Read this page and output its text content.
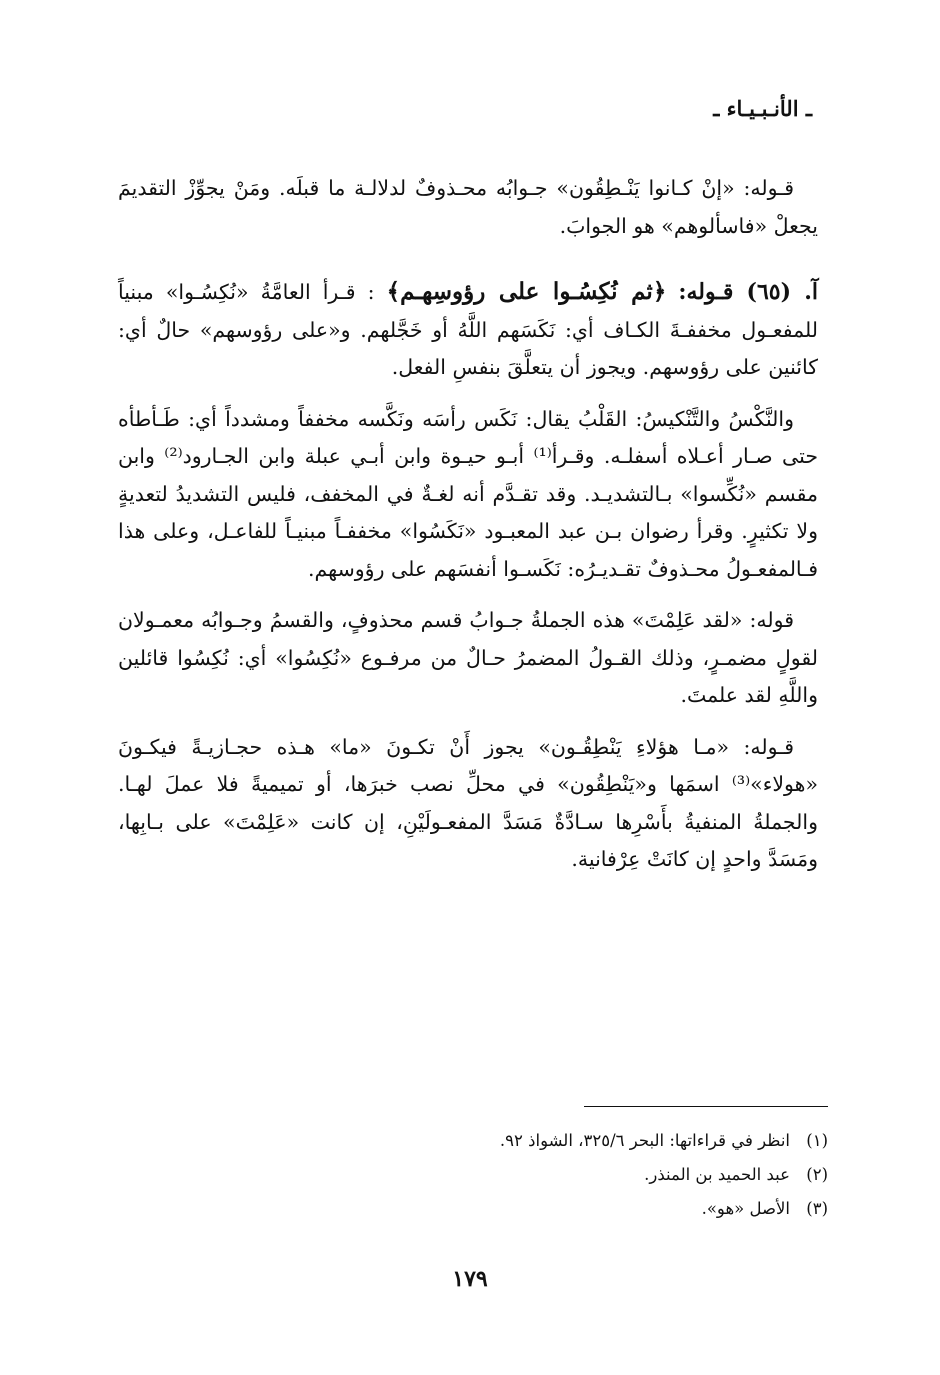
ـ الأنـبـيـاء ـ

قـوله: «إنْ كـانوا يَنْـطِقُون» جـوابُه محـذوفٌ لدلالـة ما قبلَه. ومَنْ يجوِّزْ التقديمَ يجعلْ «فاسألوهم» هو الجوابَ.

آ. (٦٥) قـوله: ﴿ثم نُكِسُـوا على رؤوسِهـم﴾ : قـرأ العامَّةُ «نُكِسُـوا» مبنياً للمفعـول مخففـةَ الكـاف أي: نَكَسَهم اللَّهُ أو خَجَّلهم. و«على رؤوسهم» حالٌ أي: كائنين على رؤوسهم. ويجوز أن يتعلَّقَ بنفسِ الفعل.

والنَّكْسُ والتَّنْكيسُ: القَلْبُ يقال: نَكَس رأسَه ونَكَّسه مخففاً ومشدداً أي: طَـأطأه حتى صـار أعـلاه أسفلـه. وقـرأ⁽¹⁾ أبـو حيـوة وابن أبـي عبلة وابن الجـارود⁽²⁾ وابن مقسم «نُكِّسوا» بـالتشديـد. وقد تقـدَّم أنه لغـةٌ في المخفف، فليس التشديدُ لتعديةٍ ولا تكثيرٍ. وقرأ رضوان بـن عبد المعبـود «نَكَسُوا» مخففـاً مبنيـاً للفاعـل، وعلى هذا فـالمفعـولُ محـذوفٌ تقـديـرُه: نَكَسـوا أنفسَهم على رؤوسهم.

قوله: «لقد عَلِمْتَ» هذه الجملةُ جـوابُ قسم محذوفٍ، والقسمُ وجـوابُه معمـولان لقولٍ مضمـرٍ، وذلك القـولُ المضمرُ حـالٌ من مرفـوع «نُكِسُوا» أي: نُكِسُوا قائلين واللَّهِ لقد علمتَ.

قـوله: «مـا هؤلاءِ يَنْطِقُـون» يجوز أَنْ تكـونَ «ما» هـذه حجـازيـةً فيكـونَ «هولاء»⁽³⁾ اسمَها و«يَنْطِقُون» في محلِّ نصب خبرَها، أو تميميةً فلا عملَ لهـا. والجملةُ المنفيةُ بأَسْرِها سـادَّةٌ مَسَدَّ المفعـولَيْنِ، إن كانت «عَلِمْتَ» على بـابِها، ومَسَدَّ واحدٍ إن كانَتْ عِرْفانية.

(١)
انظر في قراءاتها: البحر ٣٢٥/٦، الشواذ ٩٢.
(٢)
عبد الحميد بن المنذر.
(٣)
الأصل «هو».
١٧٩
